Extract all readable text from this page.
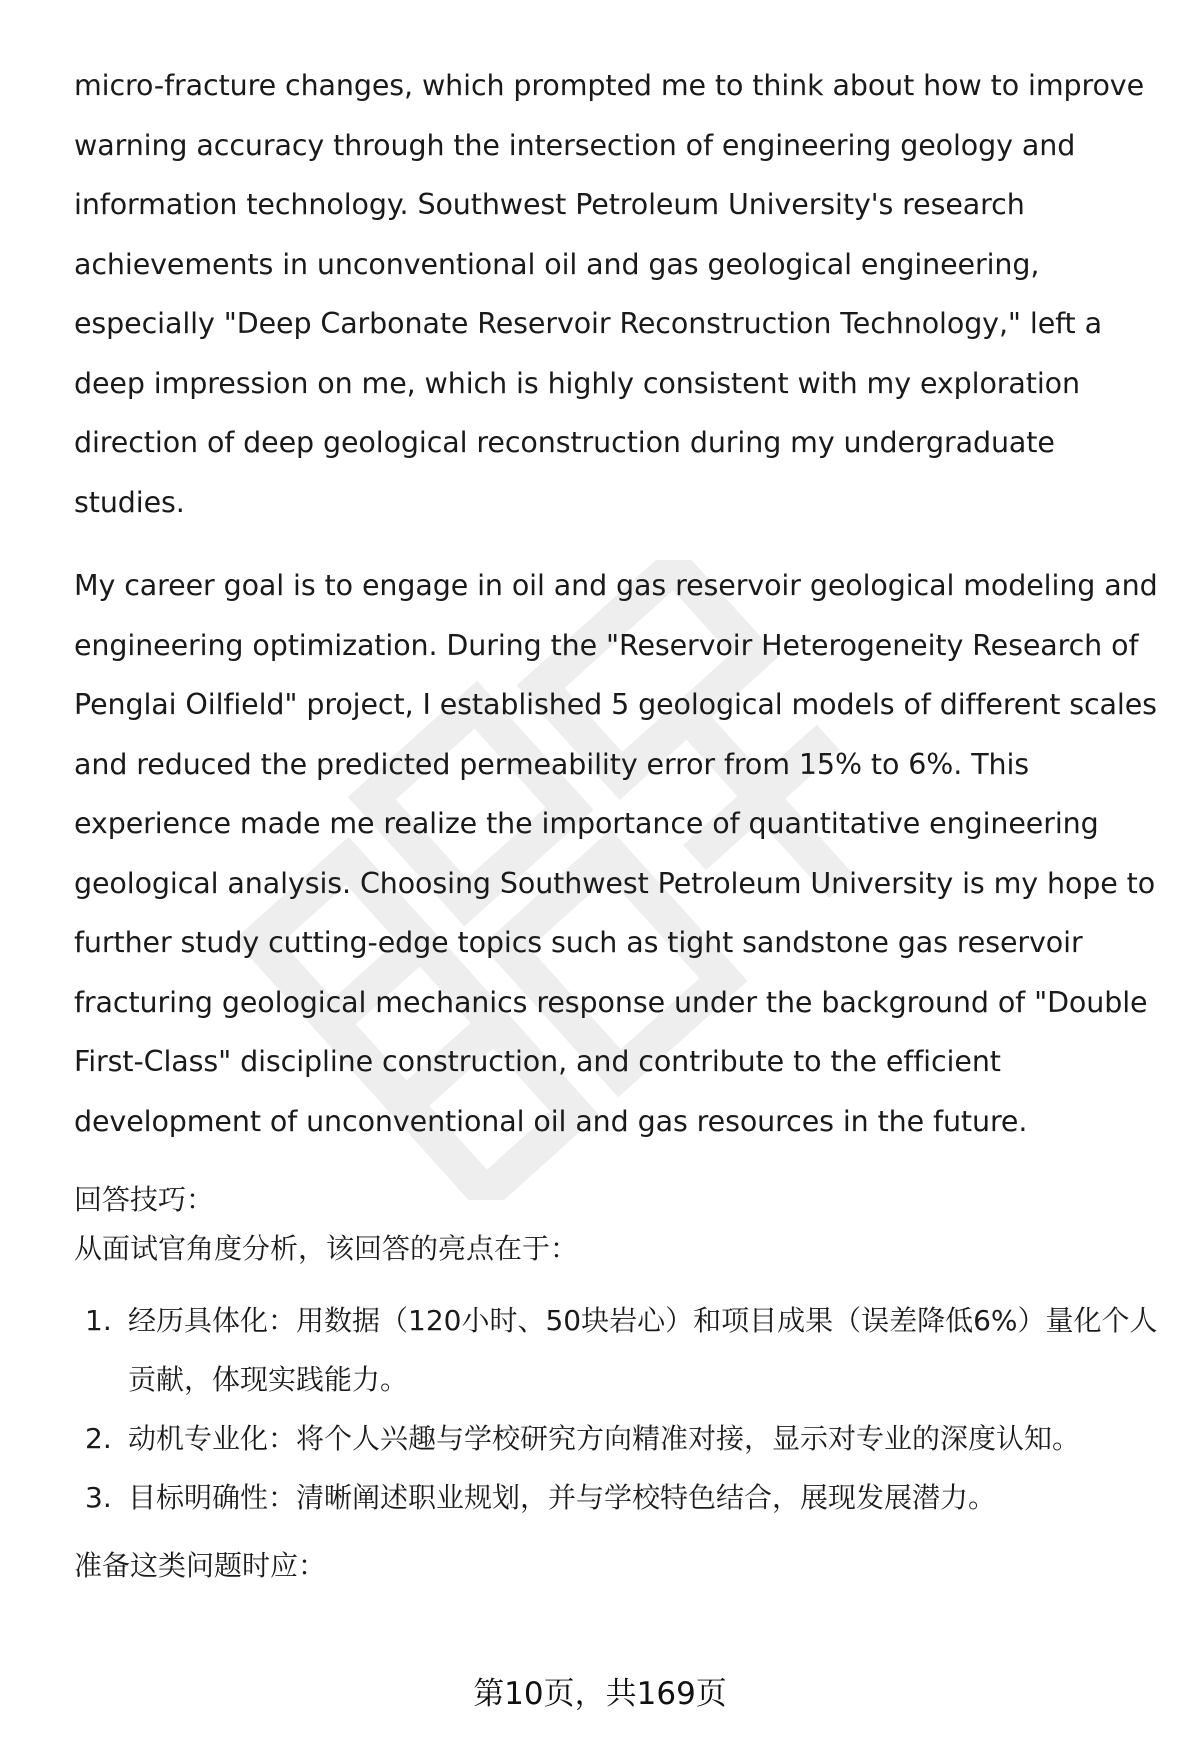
micro-fracture changes, which prompted me to think about how to improve warning accuracy through the intersection of engineering geology and information technology. Southwest Petroleum University's research achievements in unconventional oil and gas geological engineering, especially "Deep Carbonate Reservoir Reconstruction Technology," left a deep impression on me, which is highly consistent with my exploration direction of deep geological reconstruction during my undergraduate studies.

My career goal is to engage in oil and gas reservoir geological modeling and engineering optimization. During the "Reservoir Heterogeneity Research of Penglai Oilfield" project, I established 5 geological models of different scales and reduced the predicted permeability error from 15% to 6%. This experience made me realize the importance of quantitative engineering geological analysis. Choosing Southwest Petroleum University is my hope to further study cutting-edge topics such as tight sandstone gas reservoir fracturing geological mechanics response under the background of "Double First-Class" discipline construction, and contribute to the efficient development of unconventional oil and gas resources in the future.

回答技巧：

从面试官角度分析，该回答的亮点在于：

1. 经历具体化：用数据（120小时、50块岩心）和项目成果（误差降低6%）量化个人贡献，体现实践能力。
2. 动机专业化：将个人兴趣与学校研究方向精准对接，显示对专业的深度认知。
3. 目标明确性：清晰阐述职业规划，并与学校特色结合，展现发展潜力。

准备这类问题时应：

第10页，共169页
